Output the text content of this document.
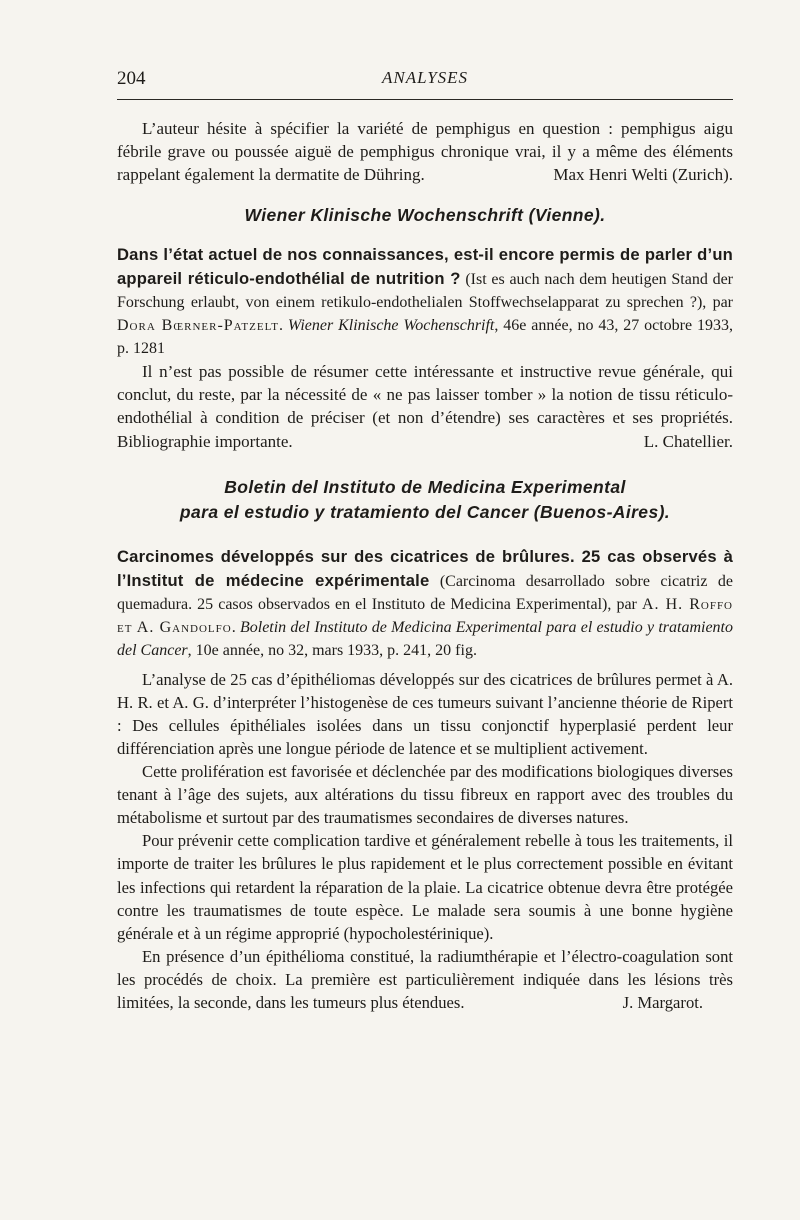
204	ANALYSES

L’auteur hésite à spécifier la variété de pemphigus en question : pemphigus aigu fébrile grave ou poussée aiguë de pemphigus chronique vrai, il y a même des éléments rappelant également la dermatite de Dühring.	Max Henri Welti (Zurich).
Wiener Klinische Wochenschrift (Vienne).

Dans l’état actuel de nos connaissances, est-il encore permis de parler d’un appareil réticulo-endothélial de nutrition ? (Ist es auch nach dem heutigen Stand der Forschung erlaubt, von einem retikulo-endothelialen Stoffwechselapparat zu sprechen ?), par Dora Bœrner-Patzelt. Wiener Klinische Wochenschrift, 46e année, no 43, 27 octobre 1933, p. 1281

Il n’est pas possible de résumer cette intéressante et instructive revue générale, qui conclut, du reste, par la nécessité de « ne pas laisser tomber » la notion de tissu réticulo-endothélial à condition de préciser (et non d’étendre) ses caractères et ses propriétés. Bibliographie importante.	L. Chatellier.
Boletin del Instituto de Medicina Experimental
para el estudio y tratamiento del Cancer (Buenos-Aires).

Carcinomes développés sur des cicatrices de brûlures. 25 cas observés à l’Institut de médecine expérimentale (Carcinoma desarrollado sobre cicatriz de quemadura. 25 casos observados en el Instituto de Medicina Experimental), par A. H. Roffo et A. Gandolfo. Boletin del Instituto de Medicina Experimental para el estudio y tratamiento del Cancer, 10e année, no 32, mars 1933, p. 241, 20 fig.

L’analyse de 25 cas d’épithéliomas développés sur des cicatrices de brûlures permet à A. H. R. et A. G. d’interpréter l’histogenèse de ces tumeurs suivant l’ancienne théorie de Ripert : Des cellules épithéliales isolées dans un tissu conjonctif hyperplasié perdent leur différenciation après une longue période de latence et se multiplient activement.

Cette prolifération est favorisée et déclenchée par des modifications biologiques diverses tenant à l’âge des sujets, aux altérations du tissu fibreux en rapport avec des troubles du métabolisme et surtout par des traumatismes secondaires de diverses natures.

Pour prévenir cette complication tardive et généralement rebelle à tous les traitements, il importe de traiter les brûlures le plus rapidement et le plus correctement possible en évitant les infections qui retardent la réparation de la plaie. La cicatrice obtenue devra être protégée contre les traumatismes de toute espèce. Le malade sera soumis à une bonne hygiène générale et à un régime approprié (hypocholestérinique).

En présence d’un épithélioma constitué, la radiumthérapie et l’électro-coagulation sont les procédés de choix. La première est particulièrement indiquée dans les lésions très limitées, la seconde, dans les tumeurs plus étendues.	J. Margarot.
